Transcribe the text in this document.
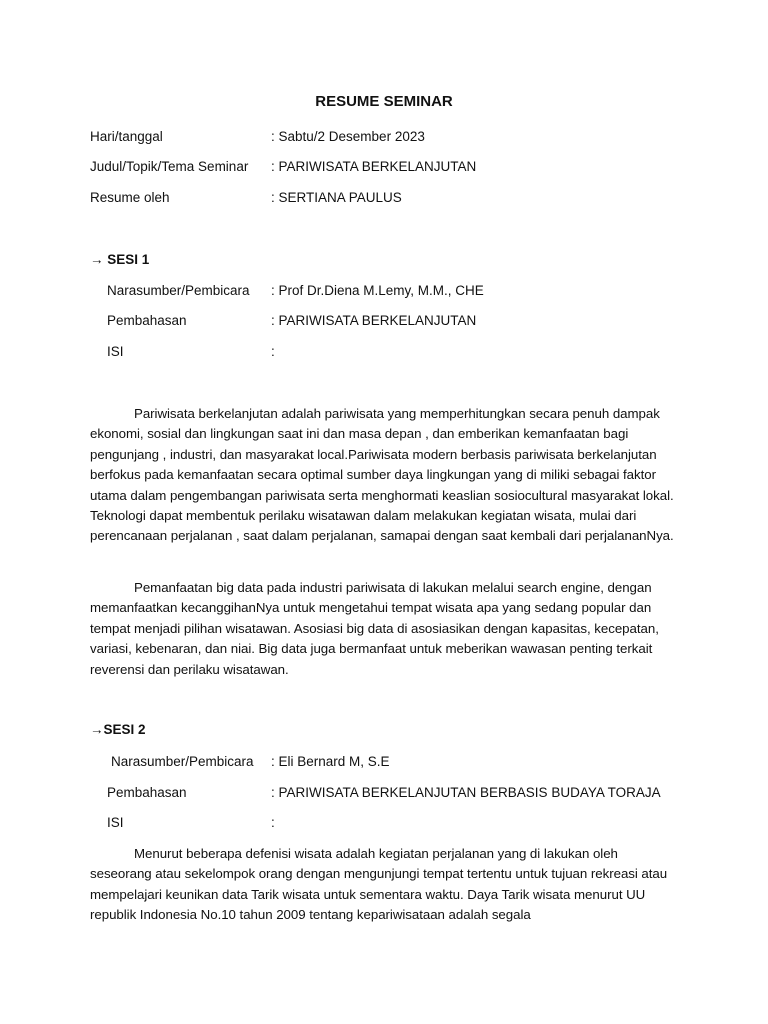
RESUME SEMINAR
Hari/tanggal	: Sabtu/2 Desember 2023
Judul/Topik/Tema Seminar : PARIWISATA BERKELANJUTAN
Resume oleh	: SERTIANA PAULUS
→ SESI 1
Narasumber/Pembicara : Prof Dr.Diena M.Lemy, M.M., CHE
Pembahasan	: PARIWISATA BERKELANJUTAN
ISI	:

Pariwisata berkelanjutan adalah pariwisata yang memperhitungkan secara penuh dampak ekonomi, sosial dan lingkungan saat ini dan masa depan , dan emberikan kemanfaatan bagi pengunjang , industri, dan masyarakat local.Pariwisata modern berbasis pariwisata berkelanjutan berfokus pada kemanfaatan secara optimal sumber daya lingkungan yang di miliki sebagai faktor utama dalam pengembangan pariwisata serta menghormati keaslian sosiocultural masyarakat lokal. Teknologi dapat membentuk perilaku wisatawan dalam melakukan kegiatan wisata, mulai dari perencanaan perjalanan , saat dalam perjalanan, samapai dengan saat kembali dari perjalananNya.

Pemanfaatan big data pada industri pariwisata di lakukan melalui search engine, dengan memanfaatkan kecanggihanNya untuk mengetahui tempat wisata apa yang sedang popular dan tempat menjadi pilihan wisatawan. Asosiasi big data di asosiasikan dengan kapasitas, kecepatan, variasi, kebenaran, dan niai. Big data juga bermanfaat untuk meberikan wawasan penting terkait reverensi dan perilaku wisatawan.

→SESI 2
Narasumber/Pembicara : Eli Bernard M, S.E
Pembahasan	: PARIWISATA BERKELANJUTAN BERBASIS BUDAYA TORAJA
ISI	:

Menurut beberapa defenisi wisata adalah kegiatan perjalanan yang di lakukan oleh seseorang atau sekelompok orang dengan mengunjungi tempat tertentu untuk tujuan rekreasi atau mempelajari keunikan data Tarik wisata untuk sementara waktu. Daya Tarik wisata menurut UU republik Indonesia No.10 tahun 2009 tentang kepariwisataan adalah segala
